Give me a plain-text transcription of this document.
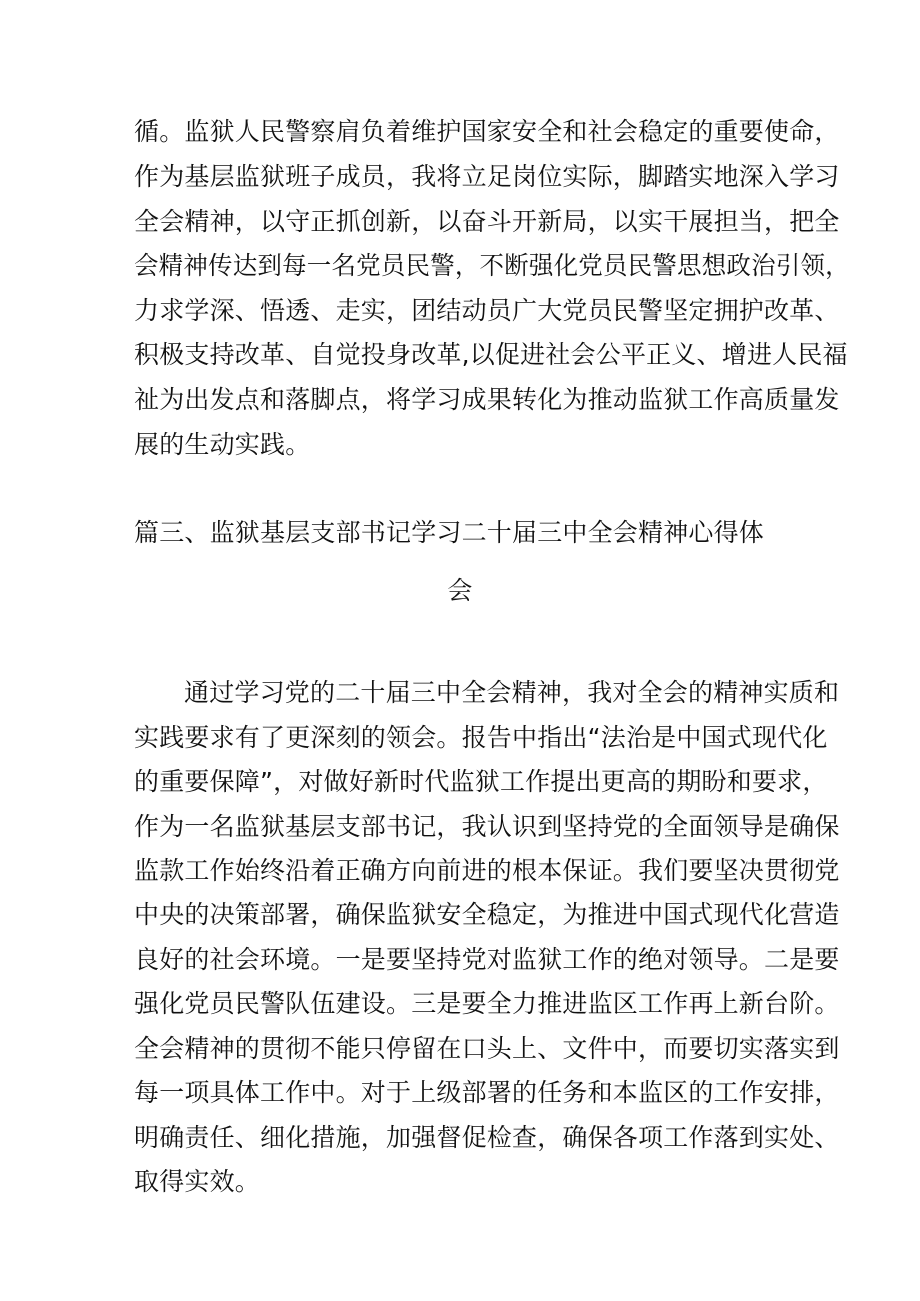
循。监狱人民警察肩负着维护国家安全和社会稳定的重要使命，
作为基层监狱班子成员，我将立足岗位实际，脚踏实地深入学习
全会精神，以守正抓创新，以奋斗开新局，以实干展担当，把全
会精神传达到每一名党员民警，不断强化党员民警思想政治引领，
力求学深、悟透、走实，团结动员广大党员民警坚定拥护改革、
积极支持改革、自觉投身改革,以促进社会公平正义、增进人民福
祉为出发点和落脚点，将学习成果转化为推动监狱工作高质量发
展的生动实践。
篇三、监狱基层支部书记学习二十届三中全会精神心得体
会
通过学习党的二十届三中全会精神，我对全会的精神实质和
实践要求有了更深刻的领会。报告中指出“法治是中国式现代化
的重要保障”，对做好新时代监狱工作提出更高的期盼和要求，
作为一名监狱基层支部书记，我认识到坚持党的全面领导是确保
监款工作始终沿着正确方向前进的根本保证。我们要坚决贯彻党
中央的决策部署，确保监狱安全稳定，为推进中国式现代化营造
良好的社会环境。一是要坚持党对监狱工作的绝对领导。二是要
强化党员民警队伍建设。三是要全力推进监区工作再上新台阶。
全会精神的贯彻不能只停留在口头上、文件中，而要切实落实到
每一项具体工作中。对于上级部署的任务和本监区的工作安排，
明确责任、细化措施，加强督促检查，确保各项工作落到实处、
取得实效。
